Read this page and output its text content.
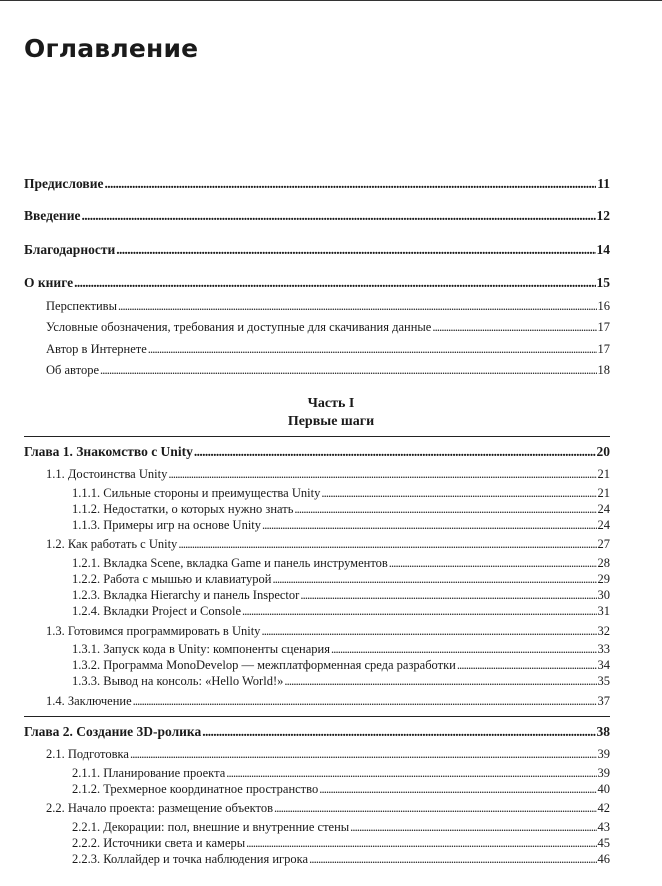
Оглавление
Предисловие . . .	11
Введение . . .	12
Благодарности . . .	14
О книге . . .	15
Перспективы . . .	16
Условные обозначения, требования и доступные для скачивания данные . . .	17
Автор в Интернете . . .	17
Об авторе . . .	18
Часть I
Первые шаги
Глава 1. Знакомство с Unity . . .	20
1.1. Достоинства Unity . . .	21
1.1.1. Сильные стороны и преимущества Unity . . .	21
1.1.2. Недостатки, о которых нужно знать . . .	24
1.1.3. Примеры игр на основе Unity . . .	24
1.2. Как работать с Unity . . .	27
1.2.1. Вкладка Scene, вкладка Game и панель инструментов . . .	28
1.2.2. Работа с мышью и клавиатурой . . .	29
1.2.3. Вкладка Hierarchy и панель Inspector . . .	30
1.2.4. Вкладки Project и Console . . .	31
1.3. Готовимся программировать в Unity . . .	32
1.3.1. Запуск кода в Unity: компоненты сценария . . .	33
1.3.2. Программа MonoDevelop — межплатформенная среда разработки . . .	34
1.3.3. Вывод на консоль: «Hello World!» . . .	35
1.4. Заключение . . .	37
Глава 2. Создание 3D-ролика . . .	38
2.1. Подготовка . . .	39
2.1.1. Планирование проекта . . .	39
2.1.2. Трехмерное координатное пространство . . .	40
2.2. Начало проекта: размещение объектов . . .	42
2.2.1. Декорации: пол, внешние и внутренние стены . . .	43
2.2.2. Источники света и камеры . . .	45
2.2.3. Коллайдер и точка наблюдения игрока . . .	46
